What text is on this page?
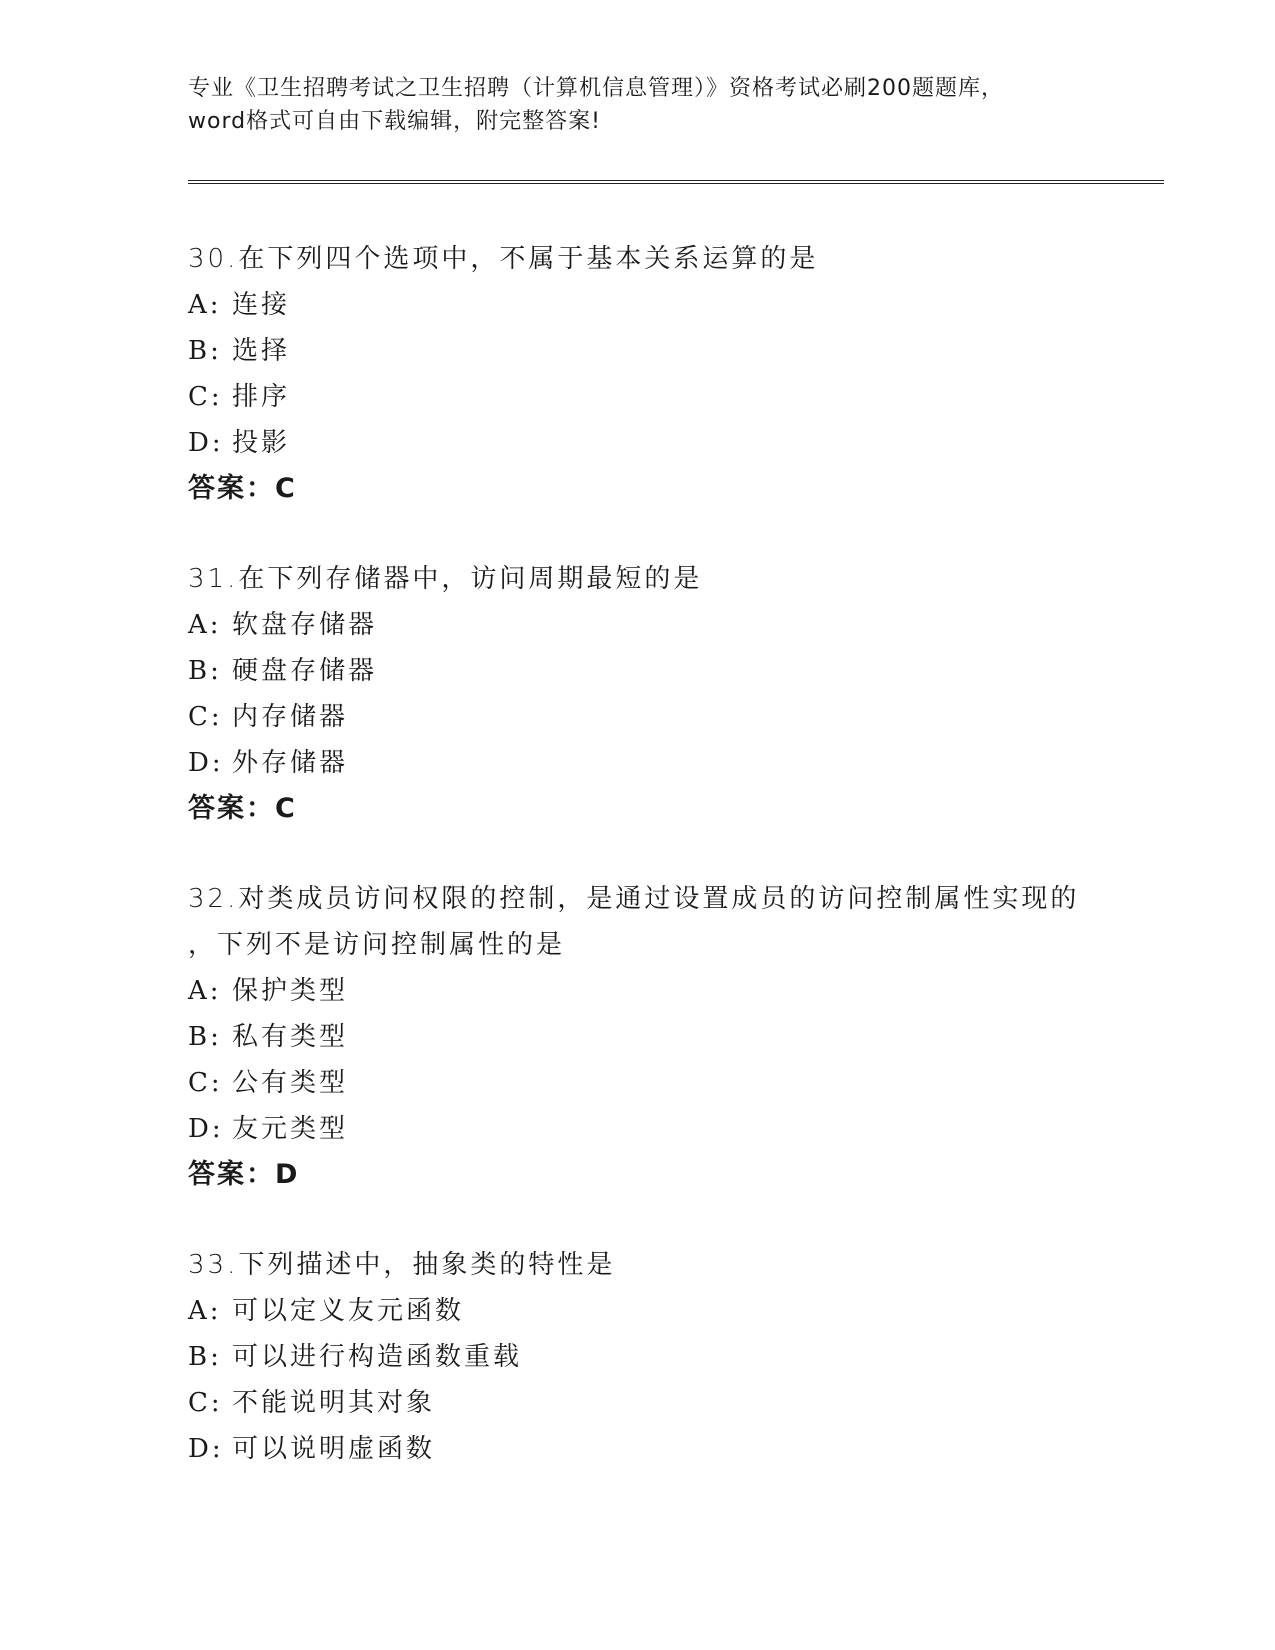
专业《卫生招聘考试之卫生招聘（计算机信息管理）》资格考试必刷200题题库，
word格式可自由下载编辑，附完整答案!
30.在下列四个选项中，不属于基本关系运算的是
A: 连接
B: 选择
C: 排序
D: 投影
答案：C
31.在下列存储器中，访问周期最短的是
A: 软盘存储器
B: 硬盘存储器
C: 内存储器
D: 外存储器
答案：C
32.对类成员访问权限的控制，是通过设置成员的访问控制属性实现的
，下列不是访问控制属性的是
A: 保护类型
B: 私有类型
C: 公有类型
D: 友元类型
答案：D
33.下列描述中，抽象类的特性是
A: 可以定义友元函数
B: 可以进行构造函数重载
C: 不能说明其对象
D: 可以说明虚函数
